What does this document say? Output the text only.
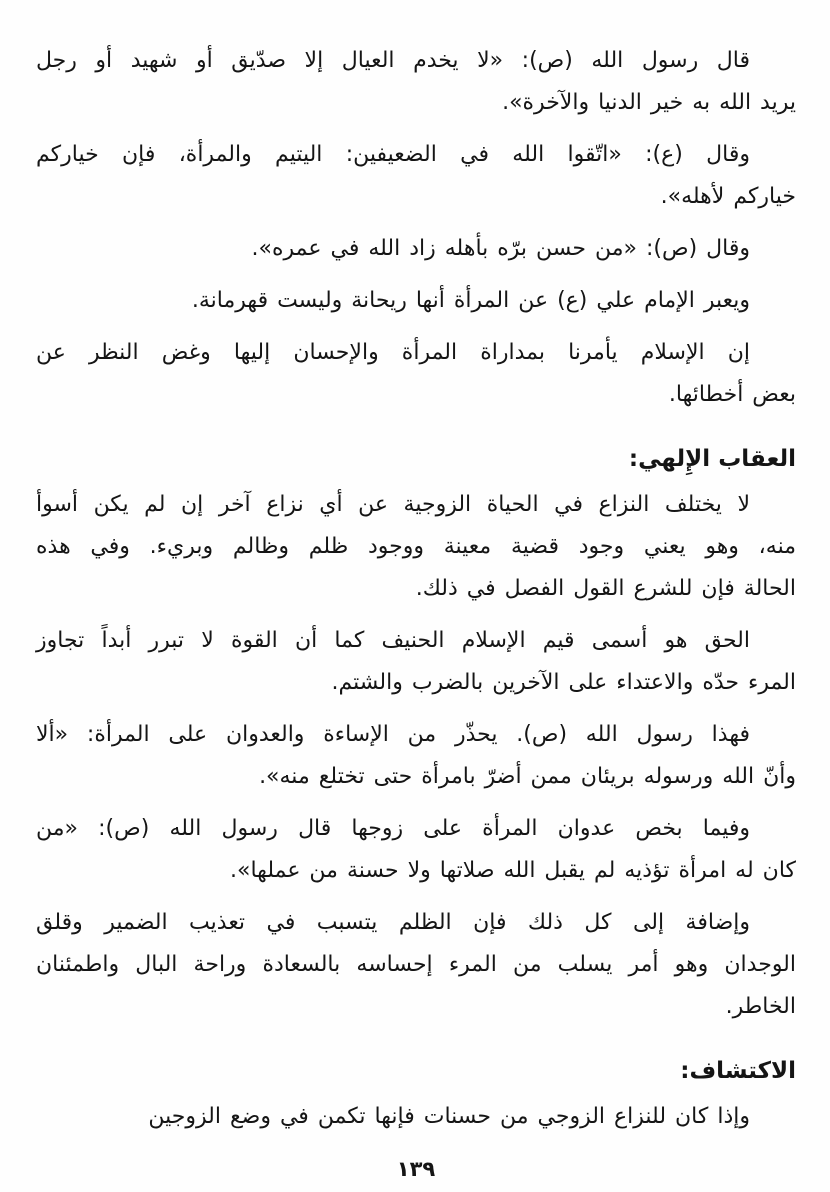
قال رسول الله (ص): «لا يخدم العيال إلا صدّيق أو شهيد أو رجل
يريد الله به خير الدنيا والآخرة».

وقال (ع): «اتّقوا الله في الضعيفين: اليتيم والمرأة، فإن خياركم
خياركم لأهله».

وقال (ص): «من حسن برّه بأهله زاد الله في عمره».

ويعبر الإمام علي (ع) عن المرأة أنها ريحانة وليست قهرمانة.

إن الإسلام يأمرنا بمداراة المرأة والإحسان إليها وغض النظر عن
بعض أخطائها.

العقاب الإِلهي:

لا يختلف النزاع في الحياة الزوجية عن أي نزاع آخر إن لم يكن أسوأ
منه، وهو يعني وجود قضية معينة ووجود ظلم وظالم وبريء. وفي هذه
الحالة فإن للشرع القول الفصل في ذلك.

الحق هو أسمى قيم الإسلام الحنيف كما أن القوة لا تبرر أبداً تجاوز
المرء حدّه والاعتداء على الآخرين بالضرب والشتم.

فهذا رسول الله (ص). يحذّر من الإساءة والعدوان على المرأة: «ألا
وأنّ الله ورسوله بريئان ممن أضرّ بامرأة حتى تختلع منه».

وفيما بخص عدوان المرأة على زوجها قال رسول الله (ص): «من
كان له امرأة تؤذيه لم يقبل الله صلاتها ولا حسنة من عملها».

وإضافة إلى كل ذلك فإن الظلم يتسبب في تعذيب الضمير وقلق
الوجدان وهو أمر يسلب من المرء إحساسه بالسعادة وراحة البال واطمئنان
الخاطر.

الاكتشاف:

وإذا كان للنزاع الزوجي من حسنات فإنها تكمن في وضع الزوجين

١٣٩
